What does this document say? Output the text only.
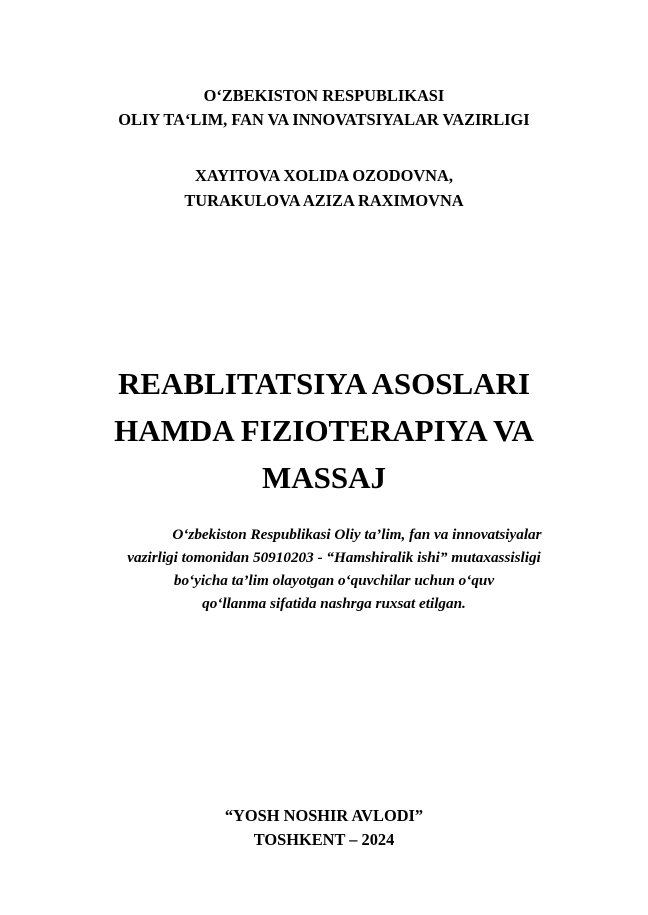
O‘ZBEKISTON RESPUBLIKASI
OLIY TA‘LIM, FAN VA INNOVATSIYALAR VAZIRLIGI
XAYITOVA XOLIDA OZODOVNA,
TURAKULOVA AZIZA RAXIMOVNA
REABLITATSIYA ASOSLARI
HAMDA FIZIOTERAPIYA VA
MASSAJ
O‘zbekiston Respublikasi Oliy ta’lim, fan va innovatsiyalar
vazirligi tomonidan 50910203 - “Hamshiralik ishi” mutaxassisligi
bo‘yicha ta’lim olayotgan o‘quvchilar uchun o‘quv
qo‘llanma sifatida nashrga ruxsat etilgan.
“YOSH NOSHIR AVLODI”
TOSHKENT – 2024
